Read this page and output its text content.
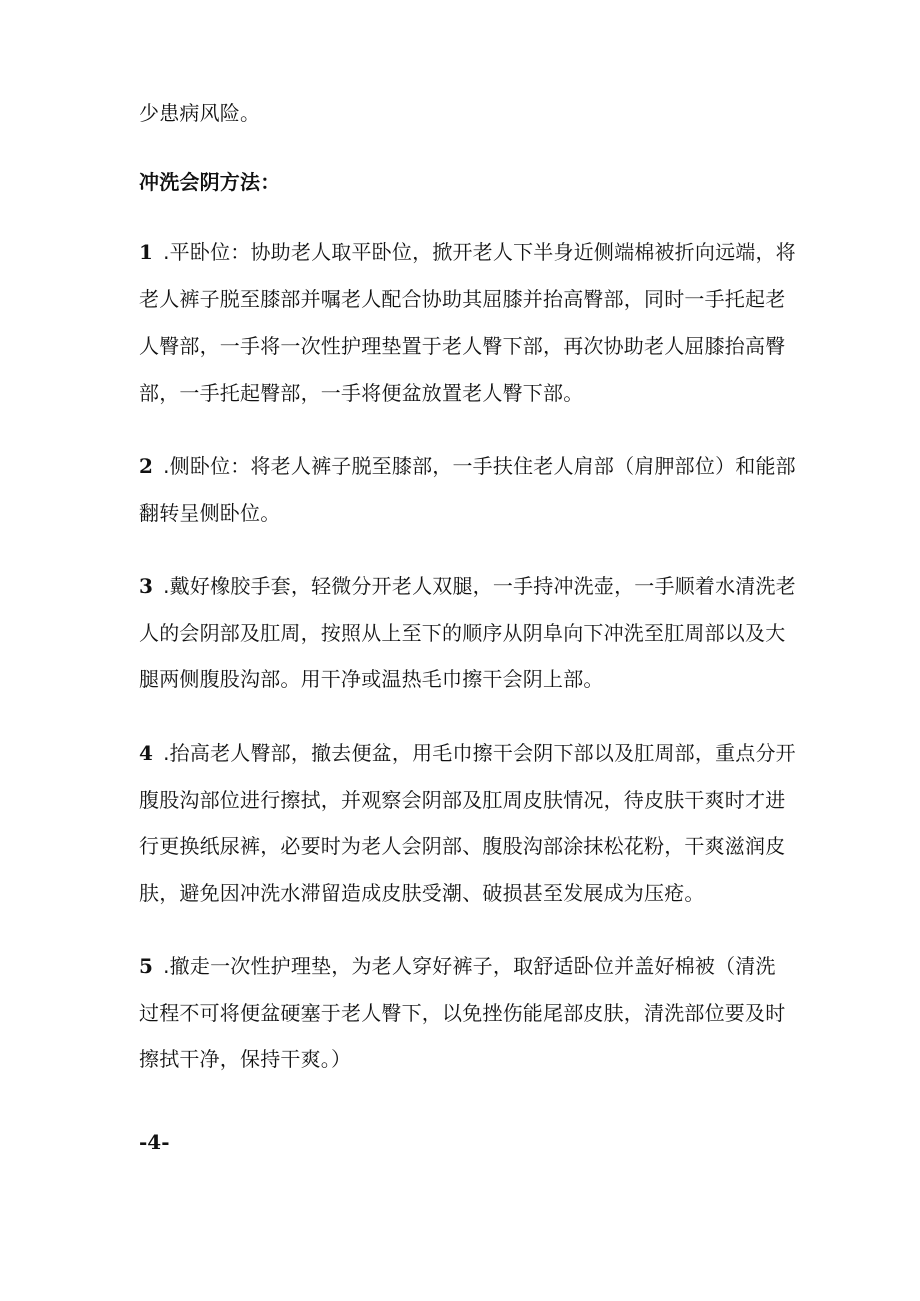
少患病风险。
冲洗会阴方法：
1 .平卧位：协助老人取平卧位，掀开老人下半身近侧端棉被折向远端，将
老人裤子脱至膝部并嘱老人配合协助其屈膝并抬高臀部，同时一手托起老
人臀部，一手将一次性护理垫置于老人臀下部，再次协助老人屈膝抬高臀
部，一手托起臀部，一手将便盆放置老人臀下部。
2 .侧卧位：将老人裤子脱至膝部，一手扶住老人肩部（肩胛部位）和能部
翻转呈侧卧位。
3 .戴好橡胶手套，轻微分开老人双腿，一手持冲洗壶，一手顺着水清洗老
人的会阴部及肛周，按照从上至下的顺序从阴阜向下冲洗至肛周部以及大
腿两侧腹股沟部。用干净或温热毛巾擦干会阴上部。
4 .抬高老人臀部，撤去便盆，用毛巾擦干会阴下部以及肛周部，重点分开
腹股沟部位进行擦拭，并观察会阴部及肛周皮肤情况，待皮肤干爽时才进
行更换纸尿裤，必要时为老人会阴部、腹股沟部涂抹松花粉，干爽滋润皮
肤，避免因冲洗水滞留造成皮肤受潮、破损甚至发展成为压疮。
5 .撤走一次性护理垫，为老人穿好裤子，取舒适卧位并盖好棉被（清洗
过程不可将便盆硬塞于老人臀下，以免挫伤能尾部皮肤，清洗部位要及时
擦拭干净，保持干爽。）
-4-
